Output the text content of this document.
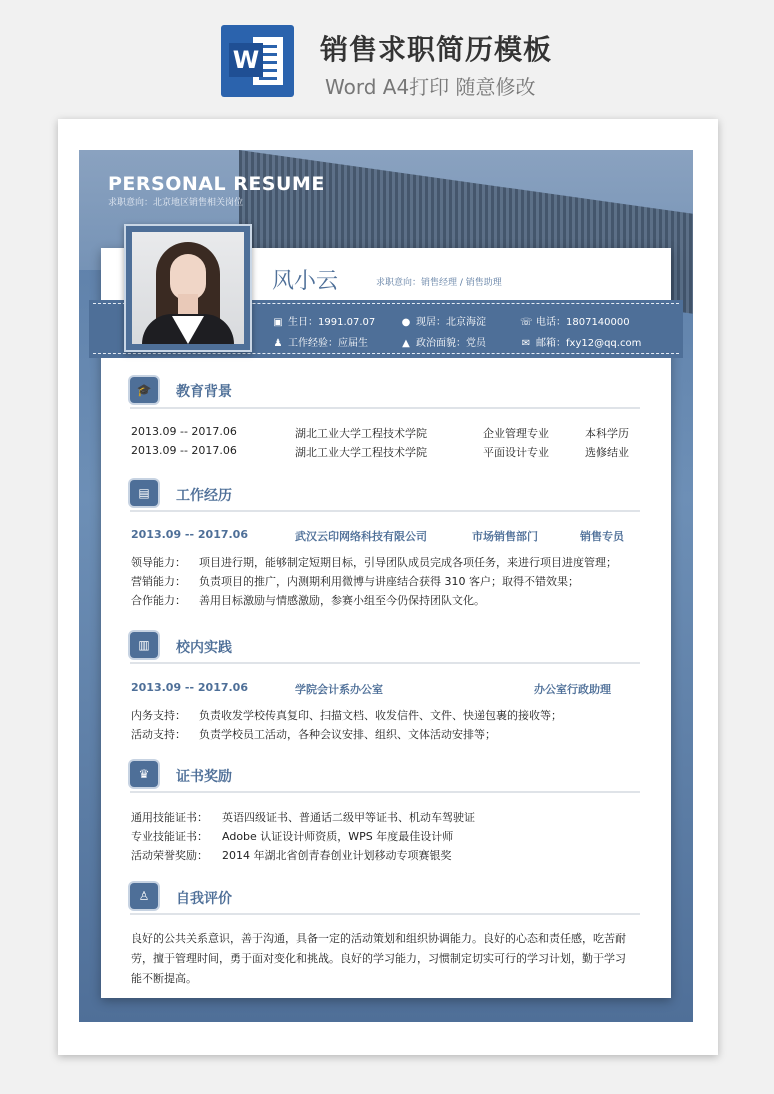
W 销售求职简历模板
Word A4打印 随意修改
PERSONAL RESUME
求职意向：北京地区销售相关岗位
风小云	求职意向：销售经理 / 销售助理
▣ 生日：1991.07.07	● 现居：北京海淀	☏ 电话：1807140000
♟ 工作经验：应届生	▲ 政治面貌：党员	✉ 邮箱：fxy12@qq.com
🎓	教育背景
2013.09 -- 2017.06	湖北工业大学工程技术学院	企业管理专业	本科学历
2013.09 -- 2017.06	湖北工业大学工程技术学院	平面设计专业	选修结业
▤	工作经历
2013.09 -- 2017.06	武汉云印网络科技有限公司	市场销售部门	销售专员
领导能力： 项目进行期，能够制定短期目标，引导团队成员完成各项任务，来进行项目进度管理；
营销能力： 负责项目的推广，内测期利用微博与讲座结合获得 310 客户；取得不错效果；
合作能力： 善用目标激励与情感激励，参赛小组至今仍保持团队文化。
▥	校内实践
2013.09 -- 2017.06	学院会计系办公室	办公室行政助理
内务支持： 负责收发学校传真复印、扫描文档、收发信件、文件、快递包裹的接收等；
活动支持： 负责学校员工活动，各种会议安排、组织、文体活动安排等；
♛	证书奖励
通用技能证书： 英语四级证书、普通话二级甲等证书、机动车驾驶证
专业技能证书： Adobe 认证设计师资质，WPS 年度最佳设计师
活动荣誉奖励： 2014 年湖北省创青春创业计划移动专项赛银奖
♙	自我评价
良好的公共关系意识，善于沟通，具备一定的活动策划和组织协调能力。良好的心态和责任感，吃苦耐劳，擅于管理时间，勇于面对变化和挑战。良好的学习能力，习惯制定切实可行的学习计划，勤于学习能不断提高。
